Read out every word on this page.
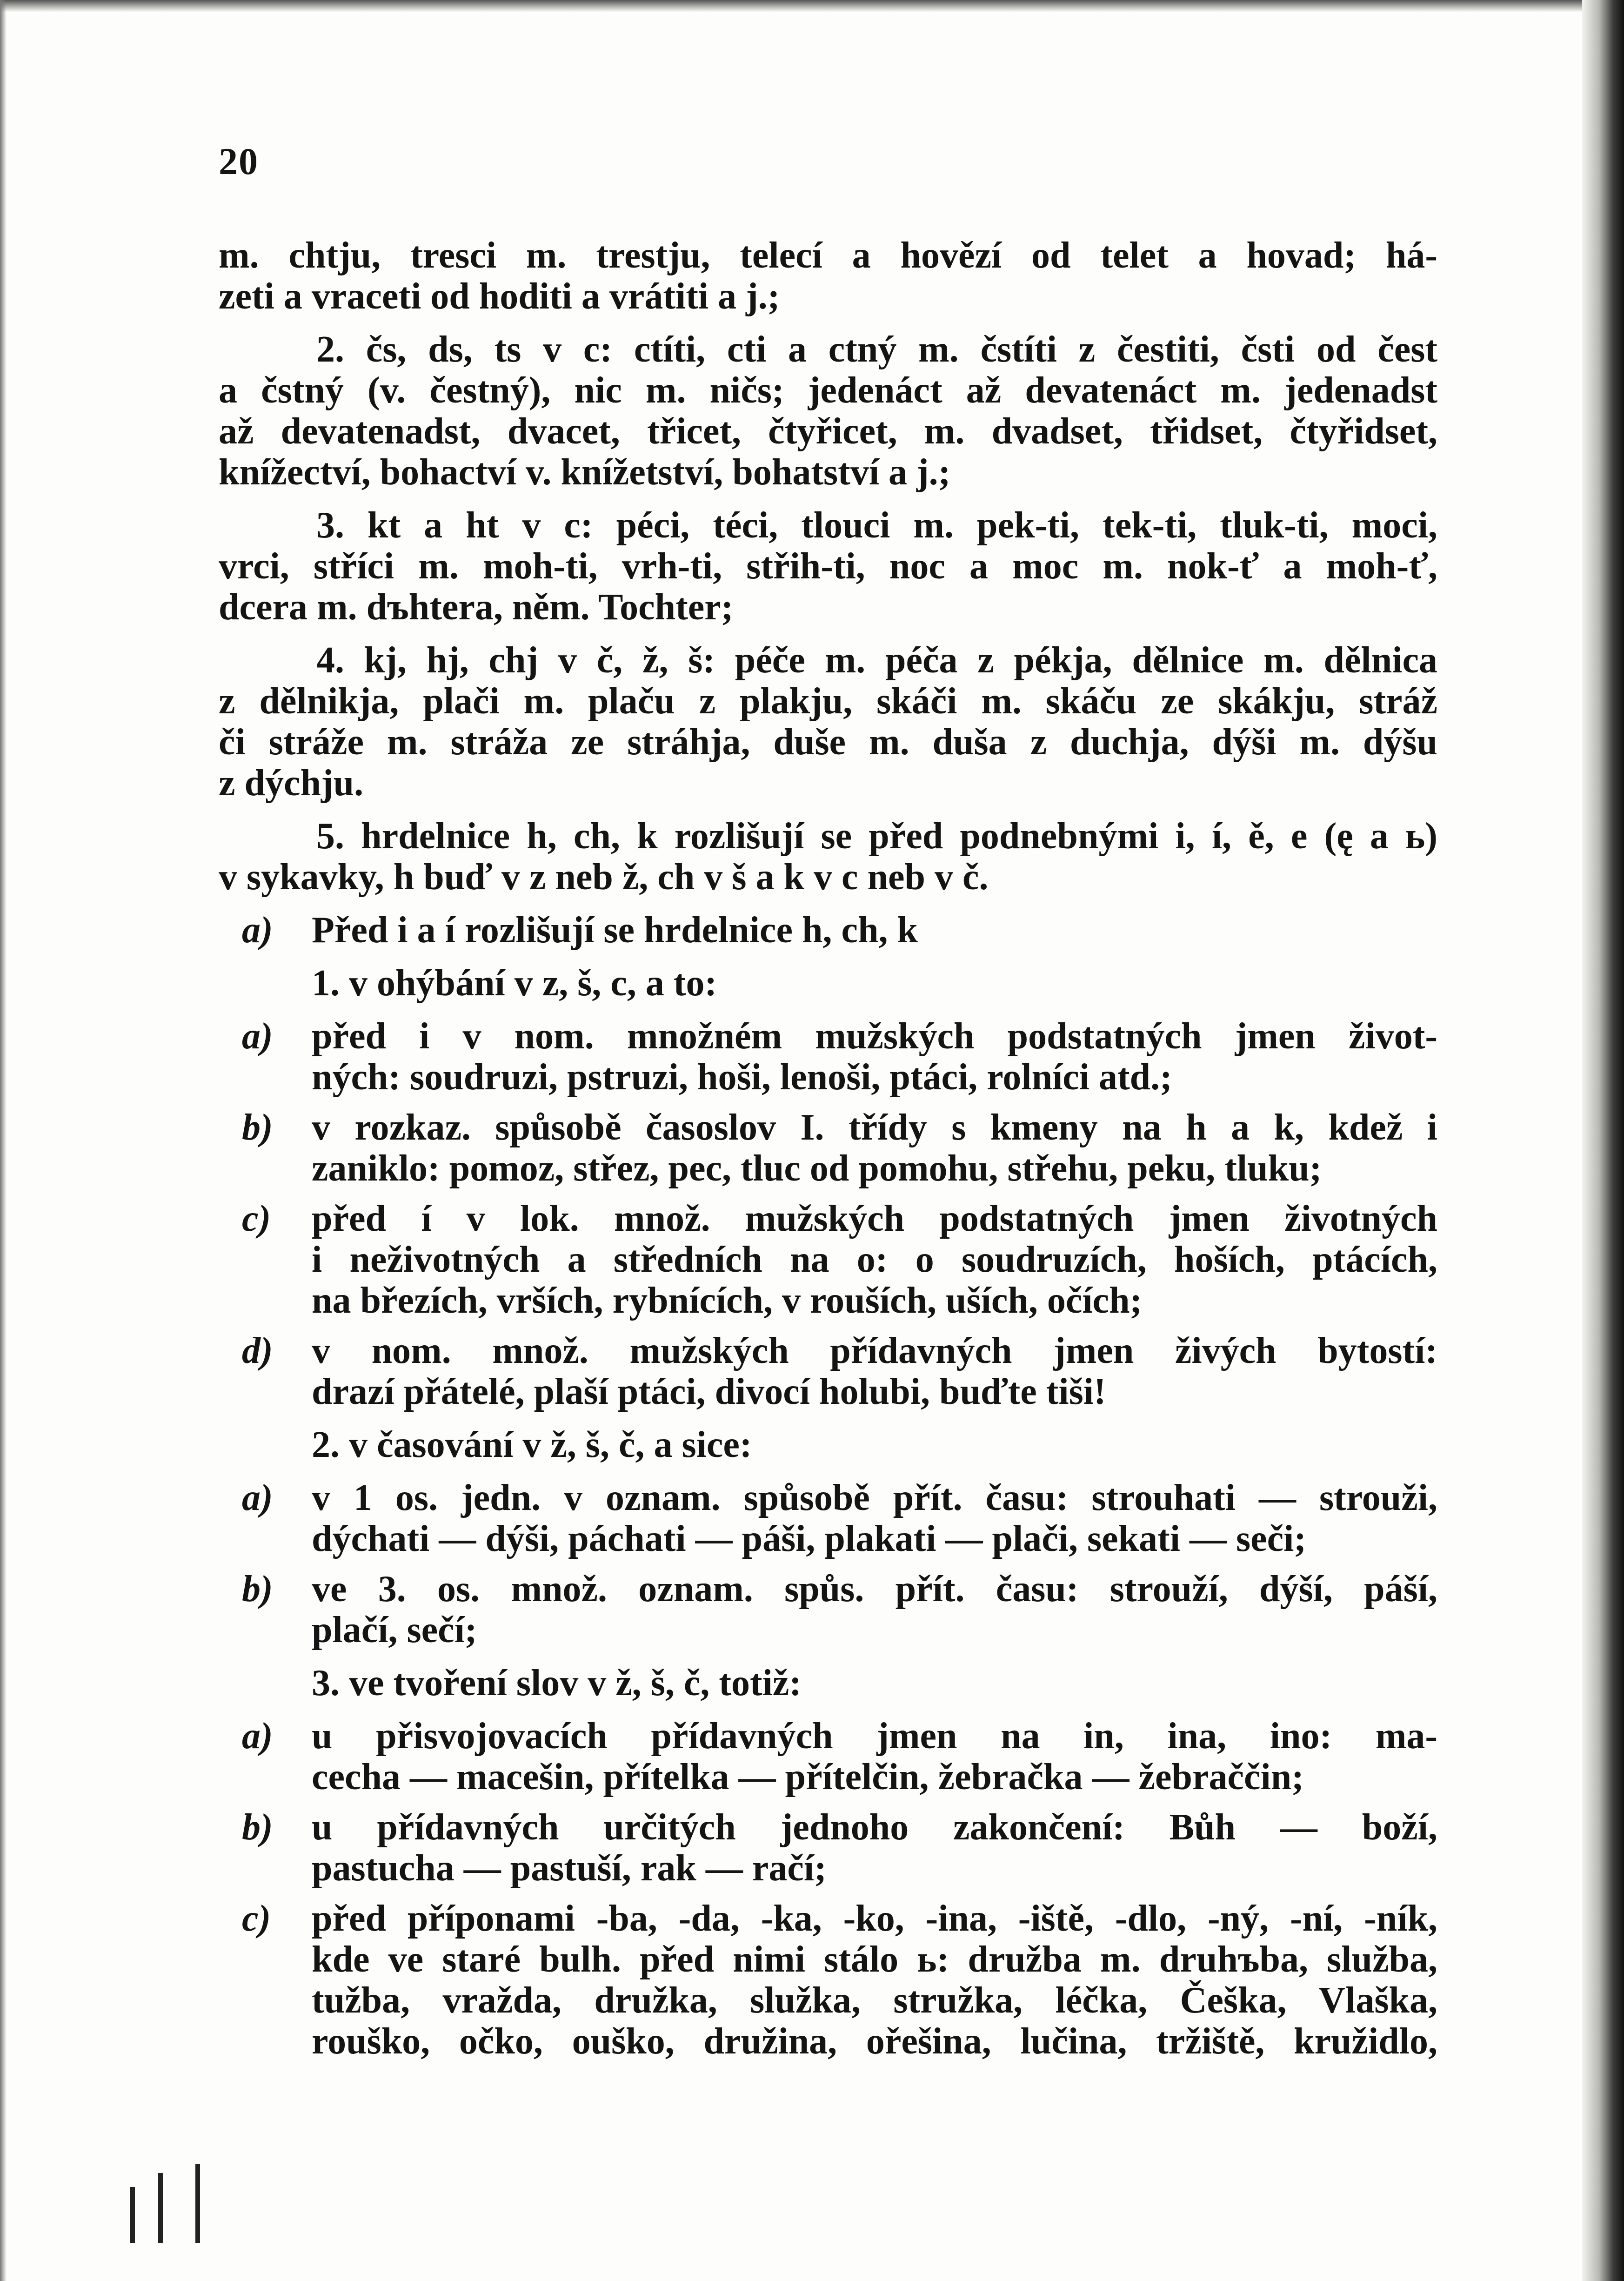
20
m. chtju, tresci m. trestju, telecí a hovězí od telet a hovad; há-
zeti a vraceti od hoditi a vrátiti a j.;
2. čs, ds, ts v c: ctíti, cti a ctný m. čstíti z čestiti, čsti od čest
a čstný (v. čestný), nic m. ničs; jedenáct až devatenáct m. jedenadst
až devatenadst, dvacet, třicet, čtyřicet, m. dvadset, třidset, čtyřidset,
knížectví, bohactví v. knížetství, bohatství a j.;
3. kt a ht v c: péci, téci, tlouci m. pek-ti, tek-ti, tluk-ti, moci,
vrci, stříci m. moh-ti, vrh-ti, střih-ti, noc a moc m. nok-ť a moh-ť,
dcera m. dъhtera, něm. Tochter;
4. kj, hj, chj v č, ž, š: péče m. péča z pékja, dělnice m. dělnica
z dělnikja, plači m. plaču z plakju, skáči m. skáču ze skákju, stráž
či stráže m. stráža ze stráhja, duše m. duša z duchja, dýši m. dýšu
z dýchju.
5. hrdelnice h, ch, k rozlišují se před podnebnými i, í, ě, e (ę a ь)
v sykavky, h buď v z neb ž, ch v š a k v c neb v č.
a) Před i a í rozlišují se hrdelnice h, ch, k
1. v ohýbání v z, š, c, a to:
a) před i v nom. množném mužských podstatných jmen život-
ných: soudruzi, pstruzi, hoši, lenoši, ptáci, rolníci atd.;
b) v rozkaz. spůsobě časoslov I. třídy s kmeny na h a k, kdež i
zaniklo: pomoz, střez, pec, tluc od pomohu, střehu, peku, tluku;
c) před í v lok. množ. mužských podstatných jmen životných
i neživotných a středních na o: o soudruzích, hoších, ptácích,
na březích, vrších, rybnících, v rouších, uších, očích;
d) v nom. množ. mužských přídavných jmen živých bytostí:
drazí přátelé, plaší ptáci, divocí holubi, buďte tiši!
2. v časování v ž, š, č, a sice:
a) v 1 os. jedn. v oznam. spůsobě přít. času: strouhati — strouži,
dýchati — dýši, páchati — páši, plakati — plači, sekati — seči;
b) ve 3. os. množ. oznam. spůs. přít. času: strouží, dýší, páší,
plačí, sečí;
3. ve tvoření slov v ž, š, č, totiž:
a) u přisvojovacích přídavných jmen na in, ina, ino: ma-
cecha — macešin, přítelka — přítelčin, žebračka — žebraččin;
b) u přídavných určitých jednoho zakončení: Bůh — boží,
pastucha — pastuší, rak — račí;
c) před příponami -ba, -da, -ka, -ko, -ina, -iště, -dlo, -ný, -ní, -ník,
kde ve staré bulh. před nimi stálo ь: družba m. druhъba, služba,
tužba, vražda, družka, služka, stružka, léčka, Češka, Vlaška,
rouško, očko, ouško, družina, ořešina, lučina, tržiště, kružidlo,
